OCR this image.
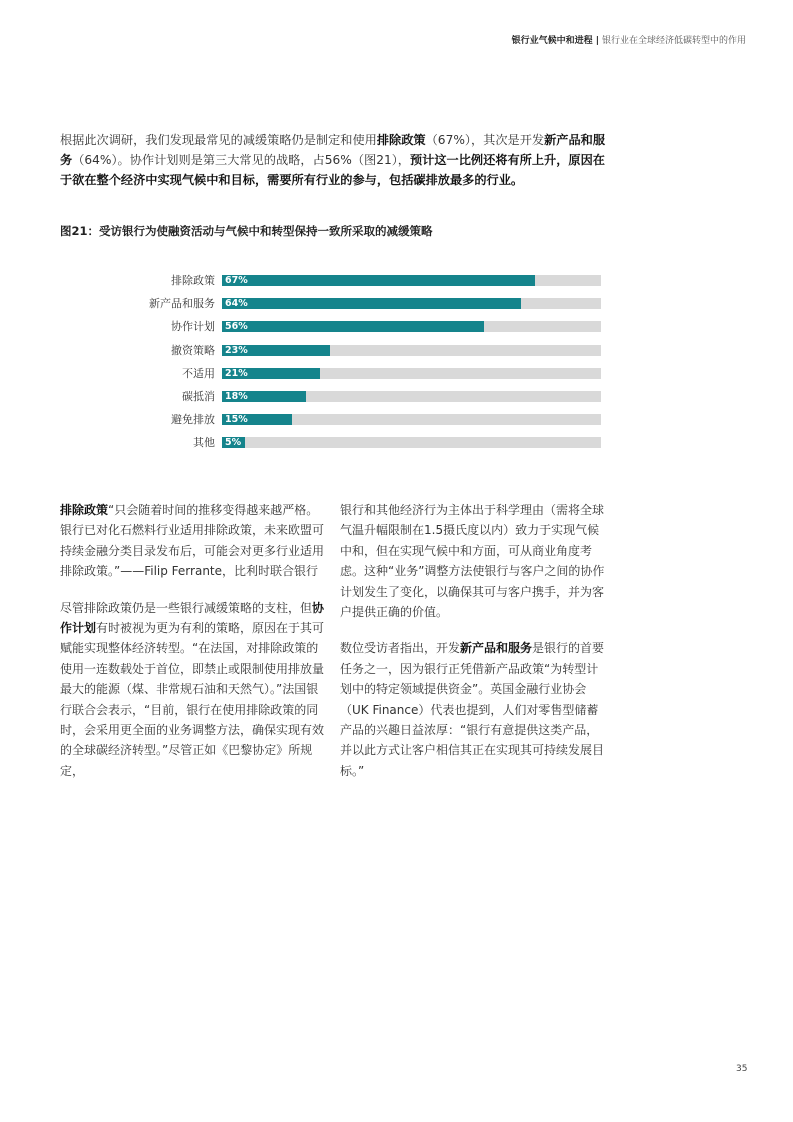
银行业气候中和进程 | 银行业在全球经济低碳转型中的作用
根据此次调研，我们发现最常见的减缓策略仍是制定和使用排除政策（67%），其次是开发新产品和服务（64%）。协作计划则是第三大常见的战略，占56%（图21），预计这一比例还将有所上升，原因在于欲在整个经济中实现气候中和目标，需要所有行业的参与，包括碳排放最多的行业。
图21：受访银行为使融资活动与气候中和转型保持一致所采取的减缓策略
排除政策 67%
新产品和服务 64%
协作计划 56%
撤资策略 23%
不适用 21%
碳抵消 18%
避免排放 15%
其他 5%

排除政策“只会随着时间的推移变得越来越严格。银行已对化石燃料行业适用排除政策，未来欧盟可持续金融分类目录发布后，可能会对更多行业适用排除政策。”——Filip Ferrante，比利时联合银行

尽管排除政策仍是一些银行减缓策略的支柱，但协作计划有时被视为更为有利的策略，原因在于其可赋能实现整体经济转型。“在法国，对排除政策的使用一连数载处于首位，即禁止或限制使用排放量最大的能源（煤、非常规石油和天然气）。”法国银行联合会表示，“目前，银行在使用排除政策的同时，会采用更全面的业务调整方法，确保实现有效的全球碳经济转型。”尽管正如《巴黎协定》所规定，

银行和其他经济行为主体出于科学理由（需将全球气温升幅限制在1.5摄氏度以内）致力于实现气候中和，但在实现气候中和方面，可从商业角度考虑。这种“业务”调整方法使银行与客户之间的协作计划发生了变化，以确保其可与客户携手，并为客户提供正确的价值。

数位受访者指出，开发新产品和服务是银行的首要任务之一，因为银行正凭借新产品政策“为转型计划中的特定领域提供资金”。英国金融行业协会（UK Finance）代表也提到，人们对零售型储蓄产品的兴趣日益浓厚：“银行有意提供这类产品，并以此方式让客户相信其正在实现其可持续发展目标。”

35
